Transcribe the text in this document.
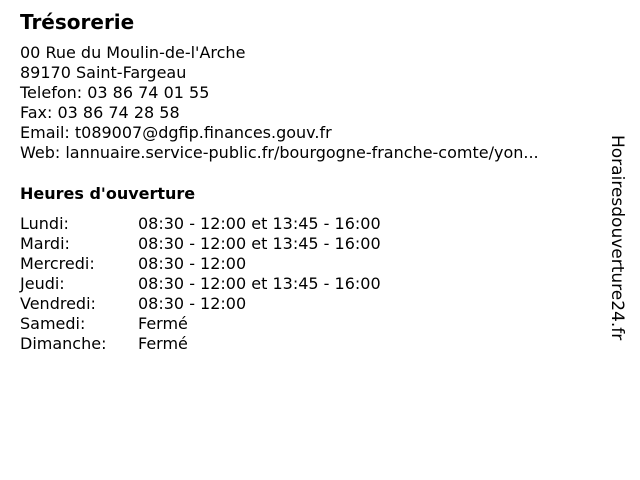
Trésorerie
00 Rue du Moulin-de-l'Arche
89170 Saint-Fargeau
Telefon: 03 86 74 01 55
Fax: 03 86 74 28 58
Email: t089007@dgfip.finances.gouv.fr
Web: lannuaire.service-public.fr/bourgogne-franche-comte/yon...
Heures d'ouverture
Lundi:	08:30 - 12:00 et 13:45 - 16:00
Mardi:	08:30 - 12:00 et 13:45 - 16:00
Mercredi:	08:30 - 12:00
Jeudi:	08:30 - 12:00 et 13:45 - 16:00
Vendredi:	08:30 - 12:00
Samedi:	Fermé
Dimanche: Fermé
Horairesdouverture24.fr
